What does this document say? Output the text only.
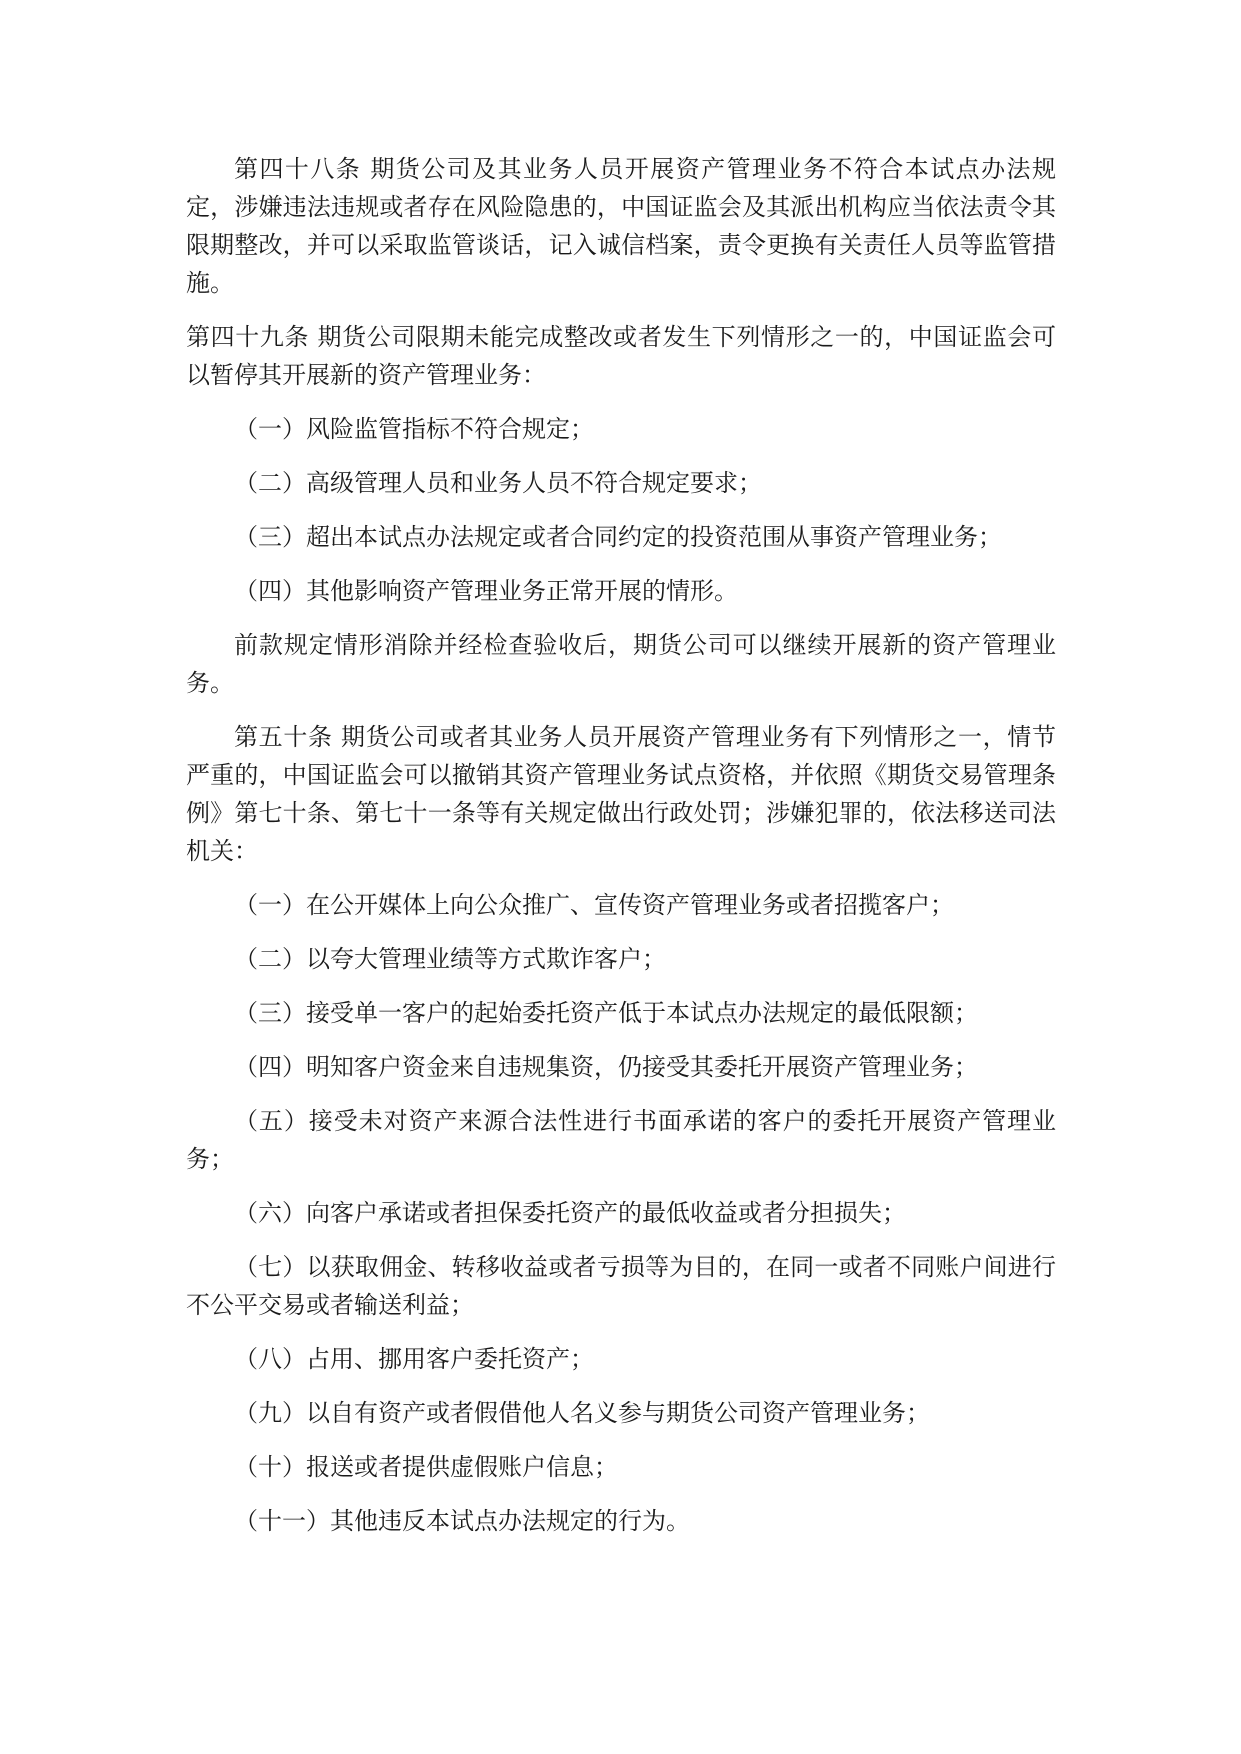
第四十八条 期货公司及其业务人员开展资产管理业务不符合本试点办法规定，涉嫌违法违规或者存在风险隐患的，中国证监会及其派出机构应当依法责令其限期整改，并可以采取监管谈话，记入诚信档案，责令更换有关责任人员等监管措施。

第四十九条 期货公司限期未能完成整改或者发生下列情形之一的，中国证监会可以暂停其开展新的资产管理业务：

（一）风险监管指标不符合规定；

（二）高级管理人员和业务人员不符合规定要求；

（三）超出本试点办法规定或者合同约定的投资范围从事资产管理业务；

（四）其他影响资产管理业务正常开展的情形。

前款规定情形消除并经检查验收后，期货公司可以继续开展新的资产管理业务。

第五十条 期货公司或者其业务人员开展资产管理业务有下列情形之一，情节严重的，中国证监会可以撤销其资产管理业务试点资格，并依照《期货交易管理条例》第七十条、第七十一条等有关规定做出行政处罚；涉嫌犯罪的，依法移送司法机关：

（一）在公开媒体上向公众推广、宣传资产管理业务或者招揽客户；

（二）以夸大管理业绩等方式欺诈客户；

（三）接受单一客户的起始委托资产低于本试点办法规定的最低限额；

（四）明知客户资金来自违规集资，仍接受其委托开展资产管理业务；

（五）接受未对资产来源合法性进行书面承诺的客户的委托开展资产管理业务；

（六）向客户承诺或者担保委托资产的最低收益或者分担损失；

（七）以获取佣金、转移收益或者亏损等为目的，在同一或者不同账户间进行不公平交易或者输送利益；

（八）占用、挪用客户委托资产；

（九）以自有资产或者假借他人名义参与期货公司资产管理业务；

（十）报送或者提供虚假账户信息；

（十一）其他违反本试点办法规定的行为。
